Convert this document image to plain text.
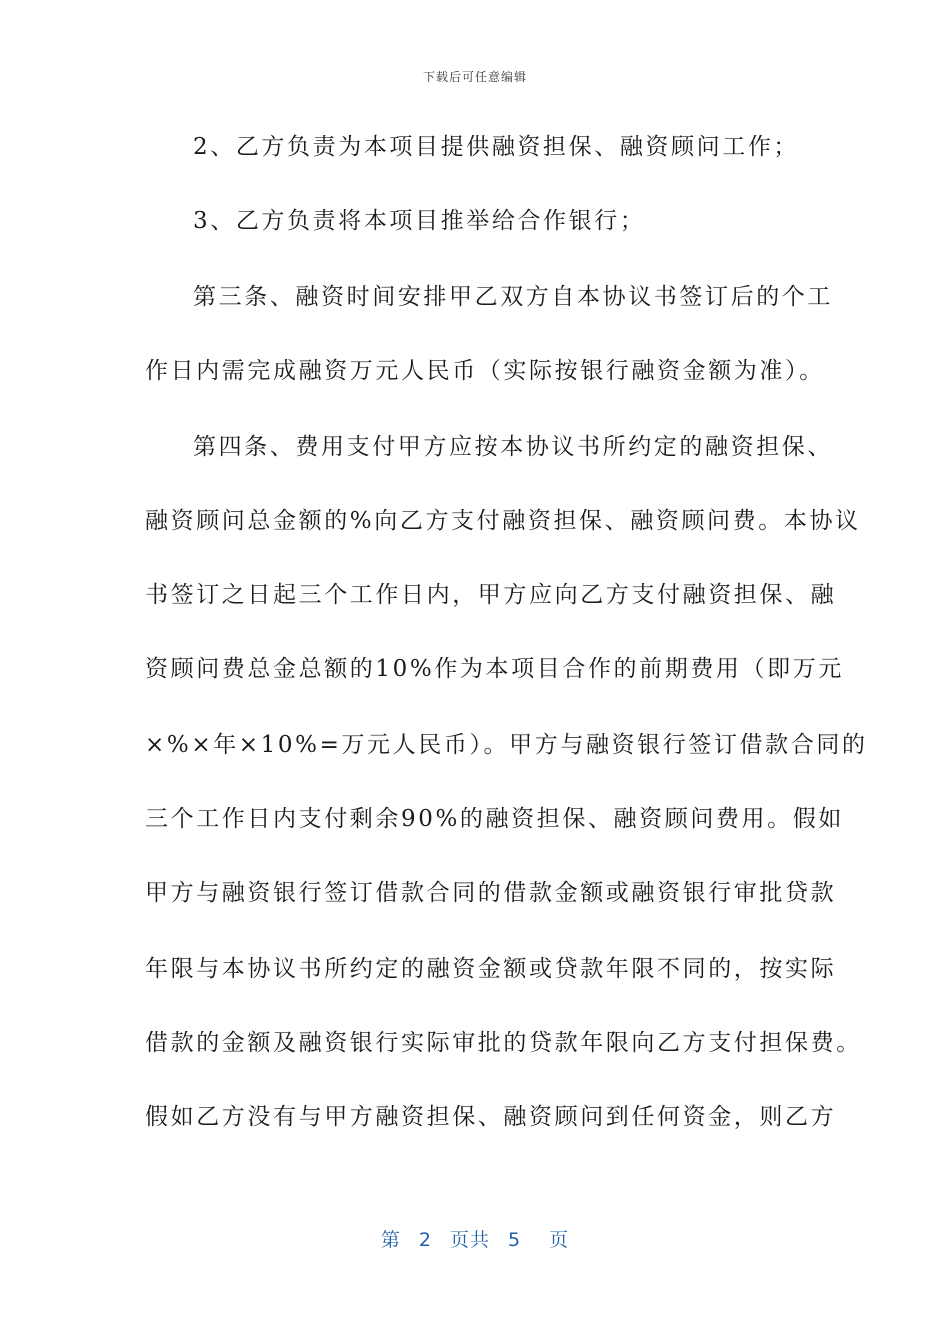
下载后可任意编辑
2、乙方负责为本项目提供融资担保、融资顾问工作；
3、乙方负责将本项目推举给合作银行；
第三条、融资时间安排甲乙双方自本协议书签订后的个工
作日内需完成融资万元人民币（实际按银行融资金额为准）。
第四条、费用支付甲方应按本协议书所约定的融资担保、
融资顾问总金额的%向乙方支付融资担保、融资顾问费。本协议
书签订之日起三个工作日内，甲方应向乙方支付融资担保、融
资顾问费总金总额的10%作为本项目合作的前期费用（即万元
×%×年×10%=万元人民币）。甲方与融资银行签订借款合同的
三个工作日内支付剩余90%的融资担保、融资顾问费用。假如
甲方与融资银行签订借款合同的借款金额或融资银行审批贷款
年限与本协议书所约定的融资金额或贷款年限不同的，按实际
借款的金额及融资银行实际审批的贷款年限向乙方支付担保费。
假如乙方没有与甲方融资担保、融资顾问到任何资金，则乙方
第 2 页共 5 页
